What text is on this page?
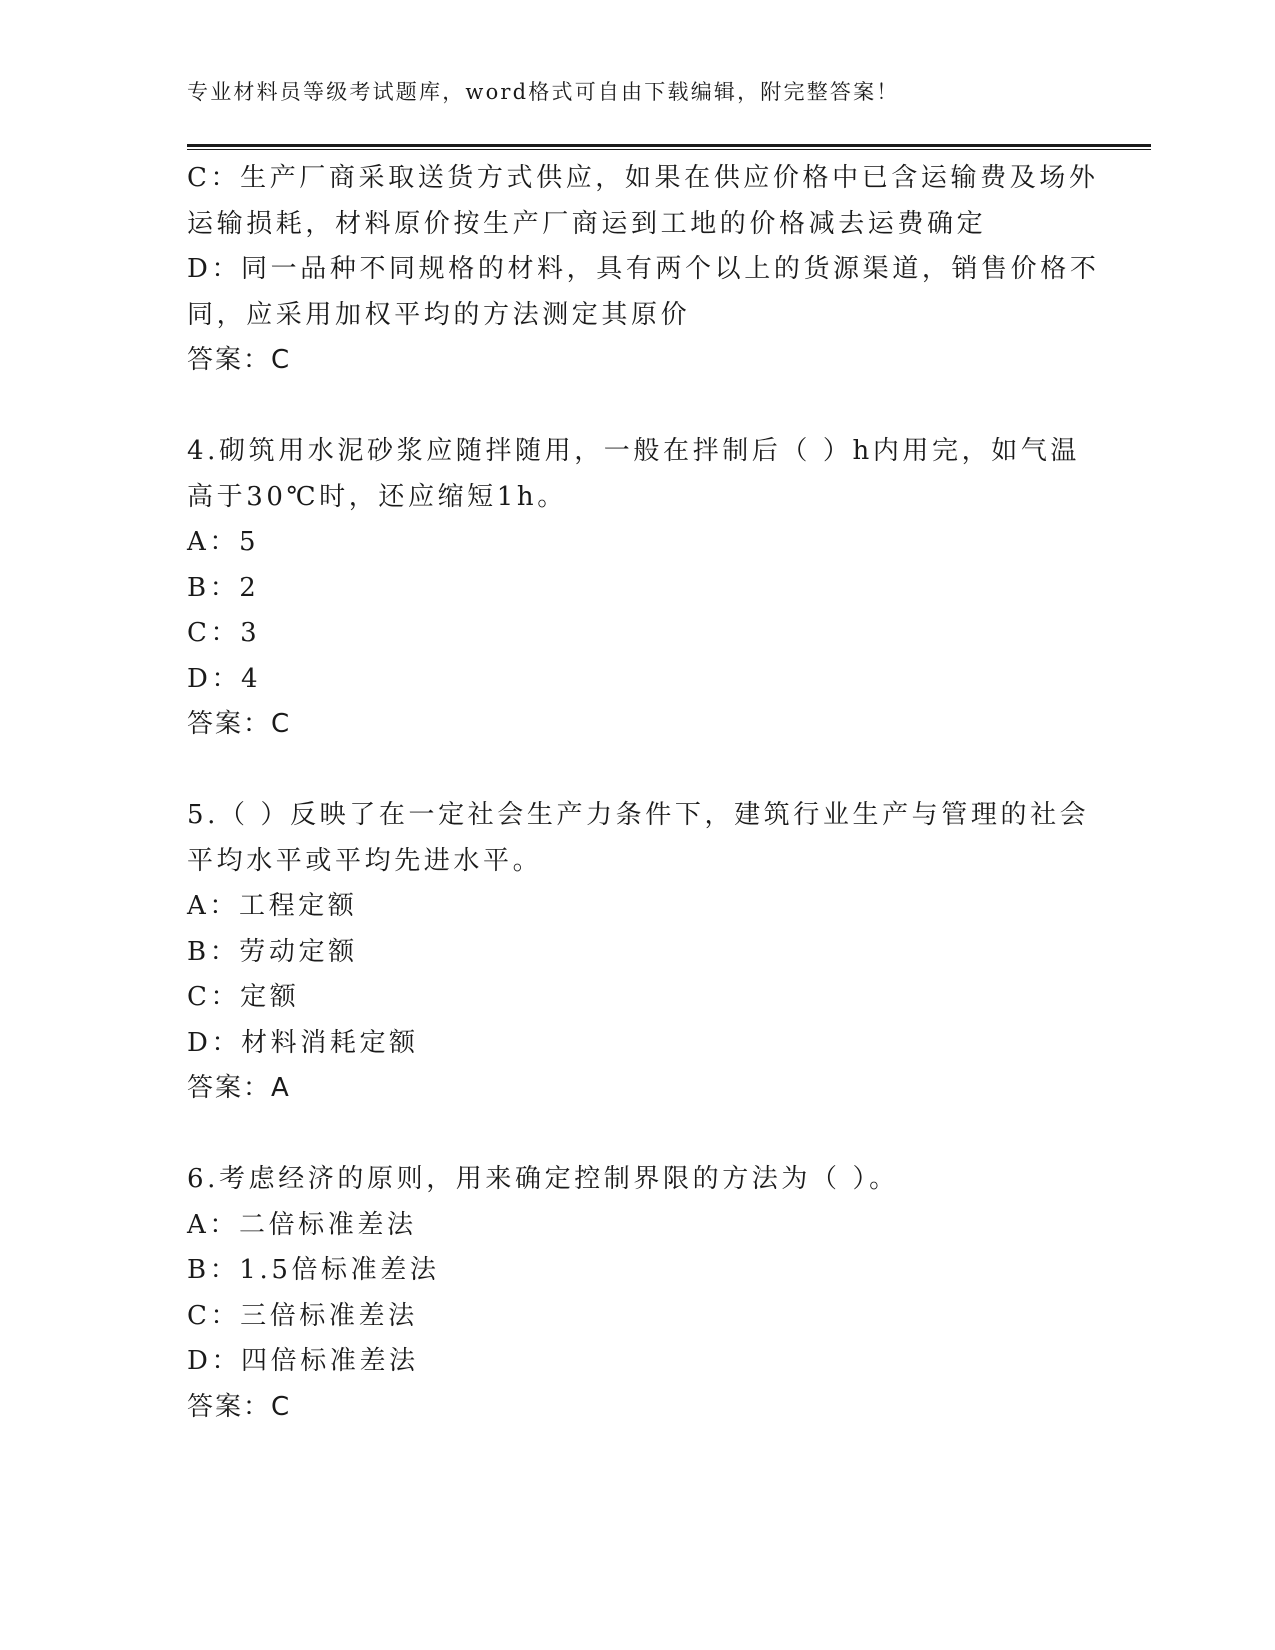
专业材料员等级考试题库，word格式可自由下载编辑，附完整答案！
C：生产厂商采取送货方式供应，如果在供应价格中已含运输费及场外
运输损耗，材料原价按生产厂商运到工地的价格减去运费确定
D：同一品种不同规格的材料，具有两个以上的货源渠道，销售价格不
同，应采用加权平均的方法测定其原价
答案：C
4.砌筑用水泥砂浆应随拌随用，一般在拌制后（ ）h内用完，如气温
高于30℃时，还应缩短1h。
A：5
B：2
C：3
D：4
答案：C
5.（ ）反映了在一定社会生产力条件下，建筑行业生产与管理的社会
平均水平或平均先进水平。
A：工程定额
B：劳动定额
C：定额
D：材料消耗定额
答案：A
6.考虑经济的原则，用来确定控制界限的方法为（ ）。
A：二倍标准差法
B：1.5倍标准差法
C：三倍标准差法
D：四倍标准差法
答案：C
